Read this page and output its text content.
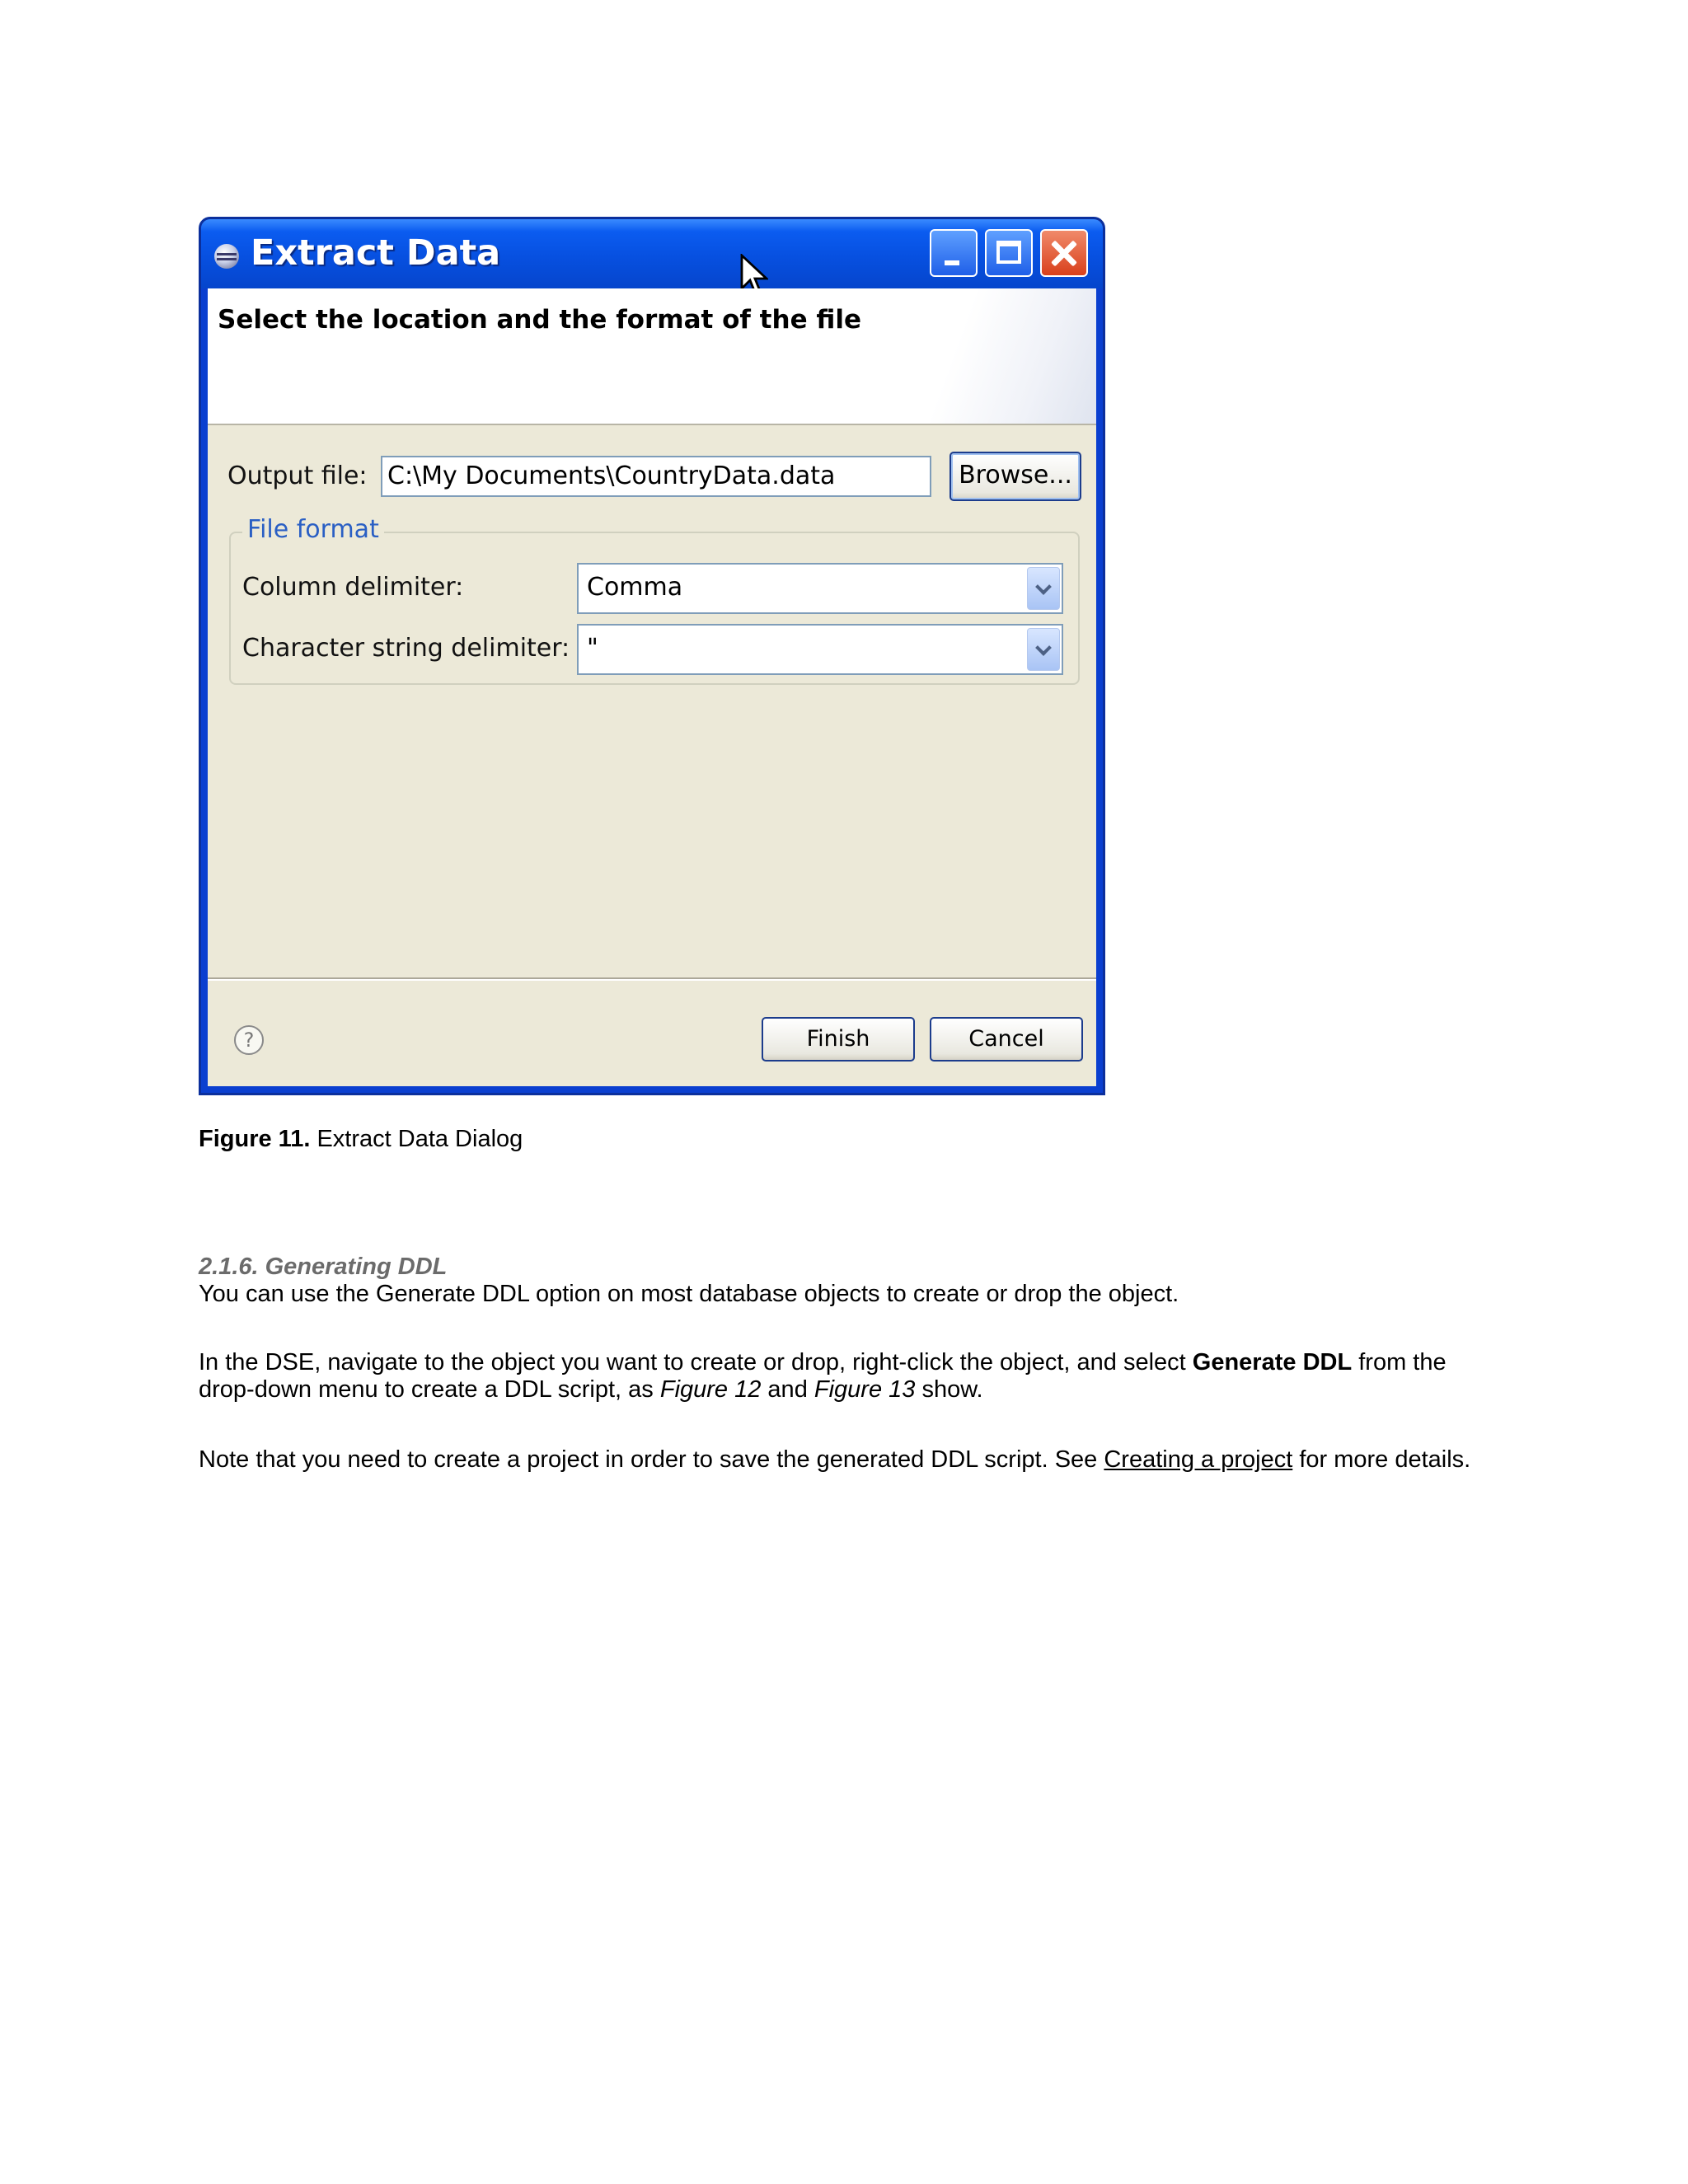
Extract Data
Select the location and the format of the file
Output file: C:\My Documents\CountryData.data	Browse...
File format
Column delimiter:	Comma
Character string delimiter: "
?	Finish	Cancel
Figure 11. Extract Data Dialog
2.1.6. Generating DDL
You can use the Generate DDL option on most database objects to create or drop the object.
In the DSE, navigate to the object you want to create or drop, right-click the object, and select Generate DDL from the drop-down menu to create a DDL script, as Figure 12 and Figure 13 show.
Note that you need to create a project in order to save the generated DDL script. See Creating a project for more details.
